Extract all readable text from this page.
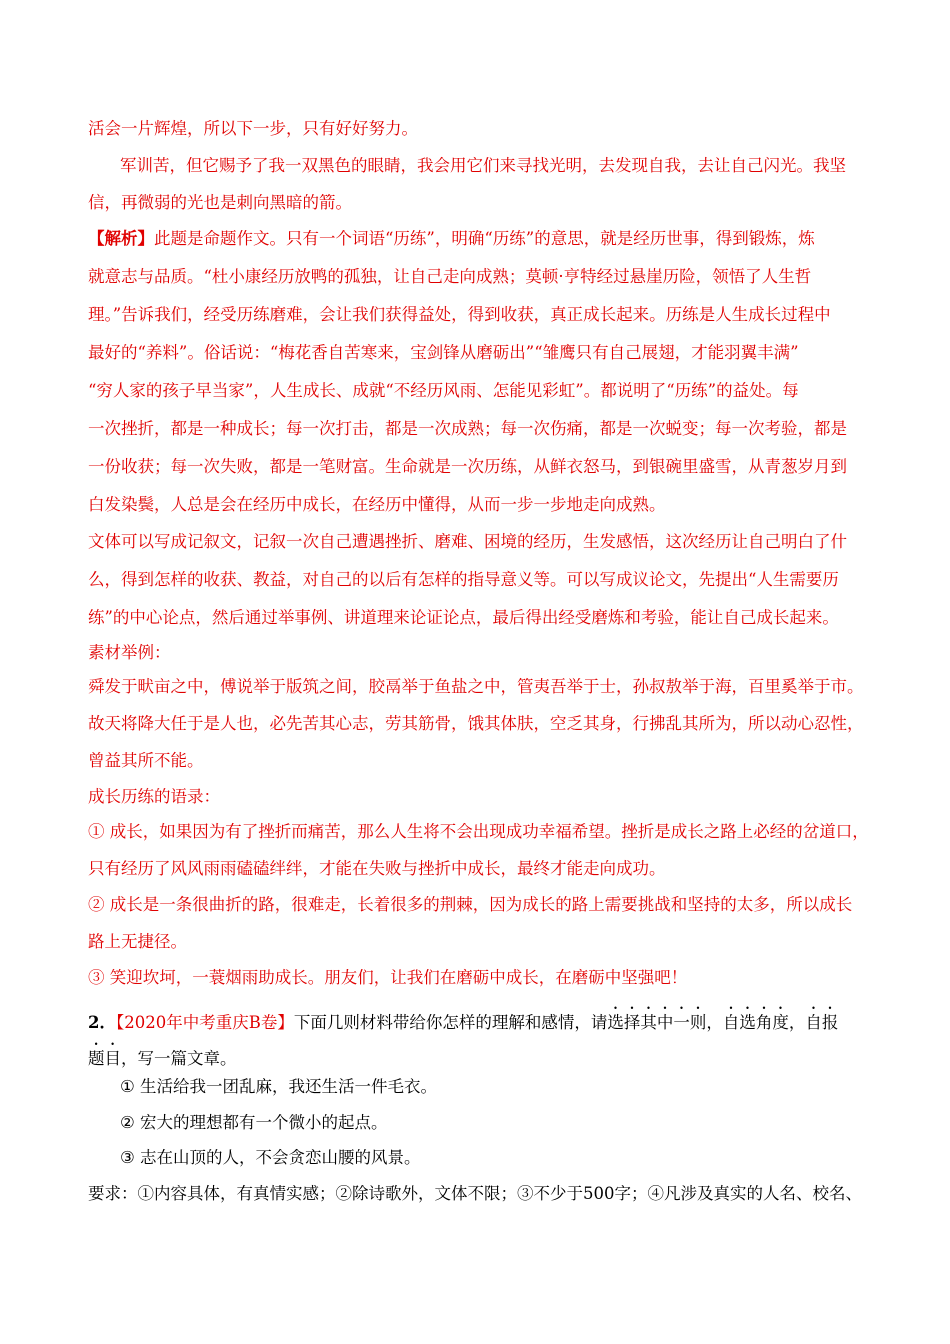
活会一片辉煌，所以下一步，只有好好努力。
军训苦，但它赐予了我一双黑色的眼睛，我会用它们来寻找光明，去发现自我，去让自己闪光。我坚
信，再微弱的光也是刺向黑暗的箭。
【解析】此题是命题作文。只有一个词语“历练”，明确“历练”的意思，就是经历世事，得到锻炼，炼
就意志与品质。“杜小康经历放鸭的孤独，让自己走向成熟；莫顿·亨特经过悬崖历险，领悟了人生哲
理。”告诉我们，经受历练磨难，会让我们获得益处，得到收获，真正成长起来。历练是人生成长过程中
最好的“养料”。俗话说：“梅花香自苦寒来，宝剑锋从磨砺出”“雏鹰只有自己展翅，才能羽翼丰满”
“穷人家的孩子早当家”，人生成长、成就“不经历风雨、怎能见彩虹”。都说明了“历练”的益处。每
一次挫折，都是一种成长；每一次打击，都是一次成熟；每一次伤痛，都是一次蜕变；每一次考验，都是
一份收获；每一次失败，都是一笔财富。生命就是一次历练，从鲜衣怒马，到银碗里盛雪，从青葱岁月到
白发染鬓，人总是会在经历中成长，在经历中懂得，从而一步一步地走向成熟。
文体可以写成记叙文，记叙一次自己遭遇挫折、磨难、困境的经历，生发感悟，这次经历让自己明白了什
么，得到怎样的收获、教益，对自己的以后有怎样的指导意义等。可以写成议论文，先提出“人生需要历
练”的中心论点，然后通过举事例、讲道理来论证论点，最后得出经受磨炼和考验，能让自己成长起来。
素材举例：
舜发于畎亩之中，傅说举于版筑之间，胶鬲举于鱼盐之中，管夷吾举于士，孙叔敖举于海，百里奚举于市。
故天将降大任于是人也，必先苦其心志，劳其筋骨，饿其体肤，空乏其身，行拂乱其所为，所以动心忍性，
曾益其所不能。
成长历练的语录：
① 成长，如果因为有了挫折而痛苦，那么人生将不会出现成功幸福希望。挫折是成长之路上必经的岔道口，
只有经历了风风雨雨磕磕绊绊，才能在失败与挫折中成长，最终才能走向成功。
② 成长是一条很曲折的路，很难走，长着很多的荆棘，因为成长的路上需要挑战和坚持的太多，所以成长
路上无捷径。
③ 笑迎坎坷，一蓑烟雨助成长。朋友们，让我们在磨砺中成长，在磨砺中坚强吧！
2．【2020年中考重庆B卷】下面几则材料带给你怎样的理解和感情，请选择其中一则，自选角度，自报
题目，写一篇文章。
① 生活给我一团乱麻，我还生活一件毛衣。
② 宏大的理想都有一个微小的起点。
③ 志在山顶的人，不会贪恋山腰的风景。
要求：①内容具体，有真情实感；②除诗歌外，文体不限；③不少于500字；④凡涉及真实的人名、校名、
